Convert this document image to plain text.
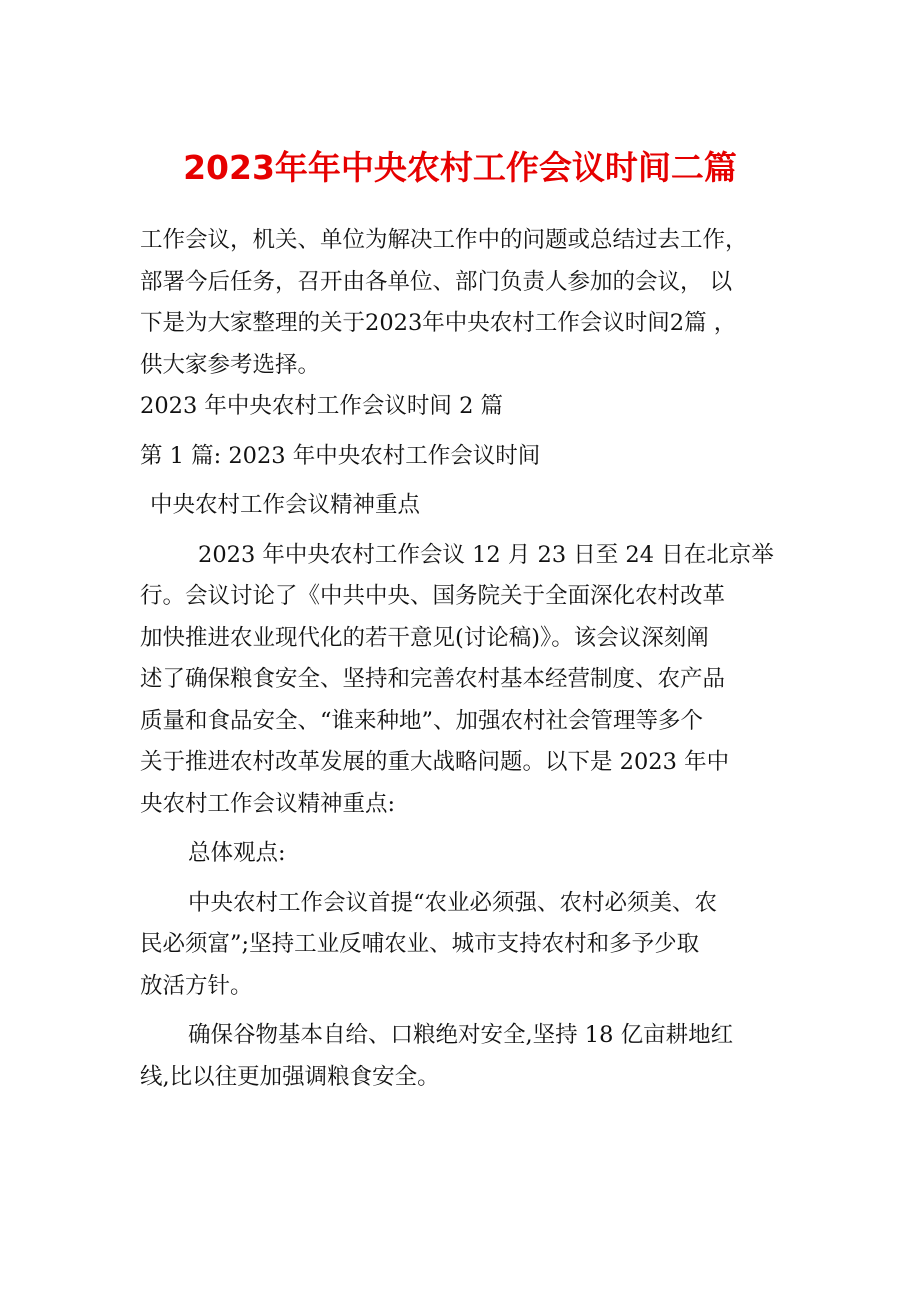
2023年年中央农村工作会议时间二篇
工作会议，机关、单位为解决工作中的问题或总结过去工作，
部署今后任务，召开由各单位、部门负责人参加的会议， 以
下是为大家整理的关于2023年中央农村工作会议时间2篇 ，
供大家参考选择。
2023 年中央农村工作会议时间 2 篇
第 1 篇: 2023 年中央农村工作会议时间
中央农村工作会议精神重点
2023 年中央农村工作会议 12 月 23 日至 24 日在北京举
行。会议讨论了《中共中央、国务院关于全面深化农村改革
加快推进农业现代化的若干意见(讨论稿)》。该会议深刻阐
述了确保粮食安全、坚持和完善农村基本经营制度、农产品
质量和食品安全、“谁来种地”、加强农村社会管理等多个
关于推进农村改革发展的重大战略问题。以下是 2023 年中
央农村工作会议精神重点:
总体观点:
中央农村工作会议首提“农业必须强、农村必须美、农
民必须富”;坚持工业反哺农业、城市支持农村和多予少取
放活方针。
确保谷物基本自给、口粮绝对安全,坚持 18 亿亩耕地红
线,比以往更加强调粮食安全。
